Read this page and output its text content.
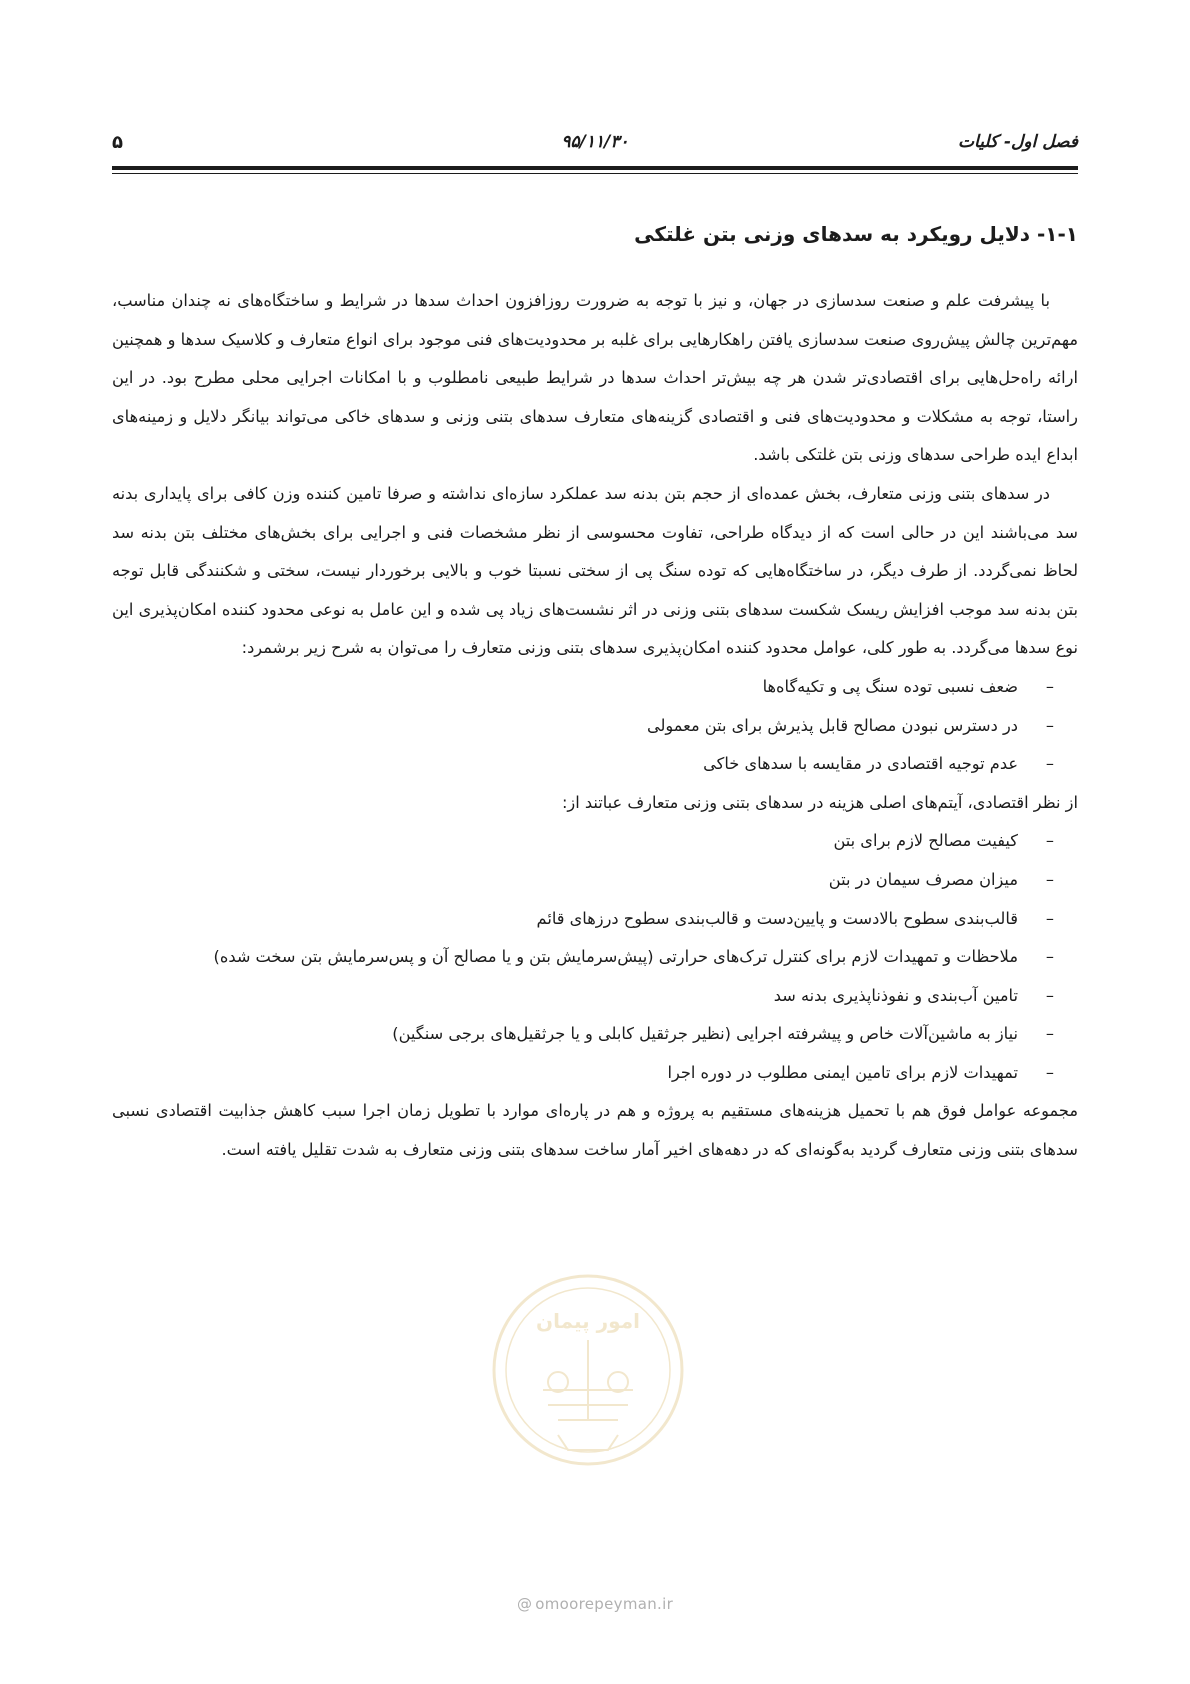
فصل اول- کلیات
۹۵/۱۱/۳۰
۵
۱-۱- دلایل رویکرد به سدهای وزنی بتن غلتکی

با پیشرفت علم و صنعت سدسازی در جهان، و نیز با توجه به ضرورت روزافزون احداث سدها در شرایط و ساختگاه‌های نه چندان مناسب، مهم‌ترین چالش پیش‌روی صنعت سدسازی یافتن راهکارهایی برای غلبه بر محدودیت‌های فنی موجود برای انواع متعارف و کلاسیک سدها و همچنین ارائه راه‌حل‌هایی برای اقتصادی‌تر شدن هر چه بیش‌تر احداث سدها در شرایط طبیعی نامطلوب و با امکانات اجرایی محلی مطرح بود. در این راستا، توجه به مشکلات و محدودیت‌های فنی و اقتصادی گزینه‌های متعارف سدهای بتنی وزنی و سدهای خاکی می‌تواند بیانگر دلایل و زمینه‌های ابداع ایده طراحی سدهای وزنی بتن غلتکی باشد.

در سدهای بتنی وزنی متعارف، بخش عمده‌ای از حجم بتن بدنه سد عملکرد سازه‌ای نداشته و صرفا تامین کننده وزن کافی برای پایداری بدنه سد می‌باشند این در حالی است که از دیدگاه طراحی، تفاوت محسوسی از نظر مشخصات فنی و اجرایی برای بخش‌های مختلف بتن بدنه سد لحاظ نمی‌گردد. از طرف دیگر، در ساختگاه‌هایی که توده سنگ پی از سختی نسبتا خوب و بالایی برخوردار نیست، سختی و شکنندگی قابل توجه بتن بدنه سد موجب افزایش ریسک شکست سدهای بتنی وزنی در اثر نشست‌های زیاد پی شده و این عامل به نوعی محدود کننده امکان‌پذیری این نوع سدها می‌گردد. به طور کلی، عوامل محدود کننده امکان‌پذیری سدهای بتنی وزنی متعارف را می‌توان به شرح زیر برشمرد:

–
ضعف نسبی توده سنگ پی و تکیه‌گاه‌ها
–
در دسترس نبودن مصالح قابل پذیرش برای بتن معمولی
–
عدم توجیه اقتصادی در مقایسه با سدهای خاکی

از نظر اقتصادی، آیتم‌های اصلی هزینه در سدهای بتنی وزنی متعارف عباتند از:

–
کیفیت مصالح لازم برای بتن
–
میزان مصرف سیمان در بتن
–
قالب‌بندی سطوح بالادست و پایین‌دست و قالب‌بندی سطوح درزهای قائم
–
ملاحظات و تمهیدات لازم برای کنترل ترک‌های حرارتی (پیش‌سرمایش بتن و یا مصالح آن و پس‌سرمایش بتن سخت شده)
–
تامین آب‌بندی و نفوذناپذیری بدنه سد
–
نیاز به ماشین‌آلات خاص و پیشرفته اجرایی (نظیر جرثقیل کابلی و یا جرثقیل‌های برجی سنگین)
–
تمهیدات لازم برای تامین ایمنی مطلوب در دوره اجرا

مجموعه عوامل فوق هم با تحمیل هزینه‌های مستقیم به پروژه و هم در پاره‌ای موارد با تطویل زمان اجرا سبب کاهش جذابیت اقتصادی نسبی سدهای بتنی وزنی متعارف گردید به‌گونه‌ای که در دهه‌های اخیر آمار ساخت سدهای بتنی وزنی متعارف به شدت تقلیل یافته است.

امور پیمان
@ omoorepeyman.ir
